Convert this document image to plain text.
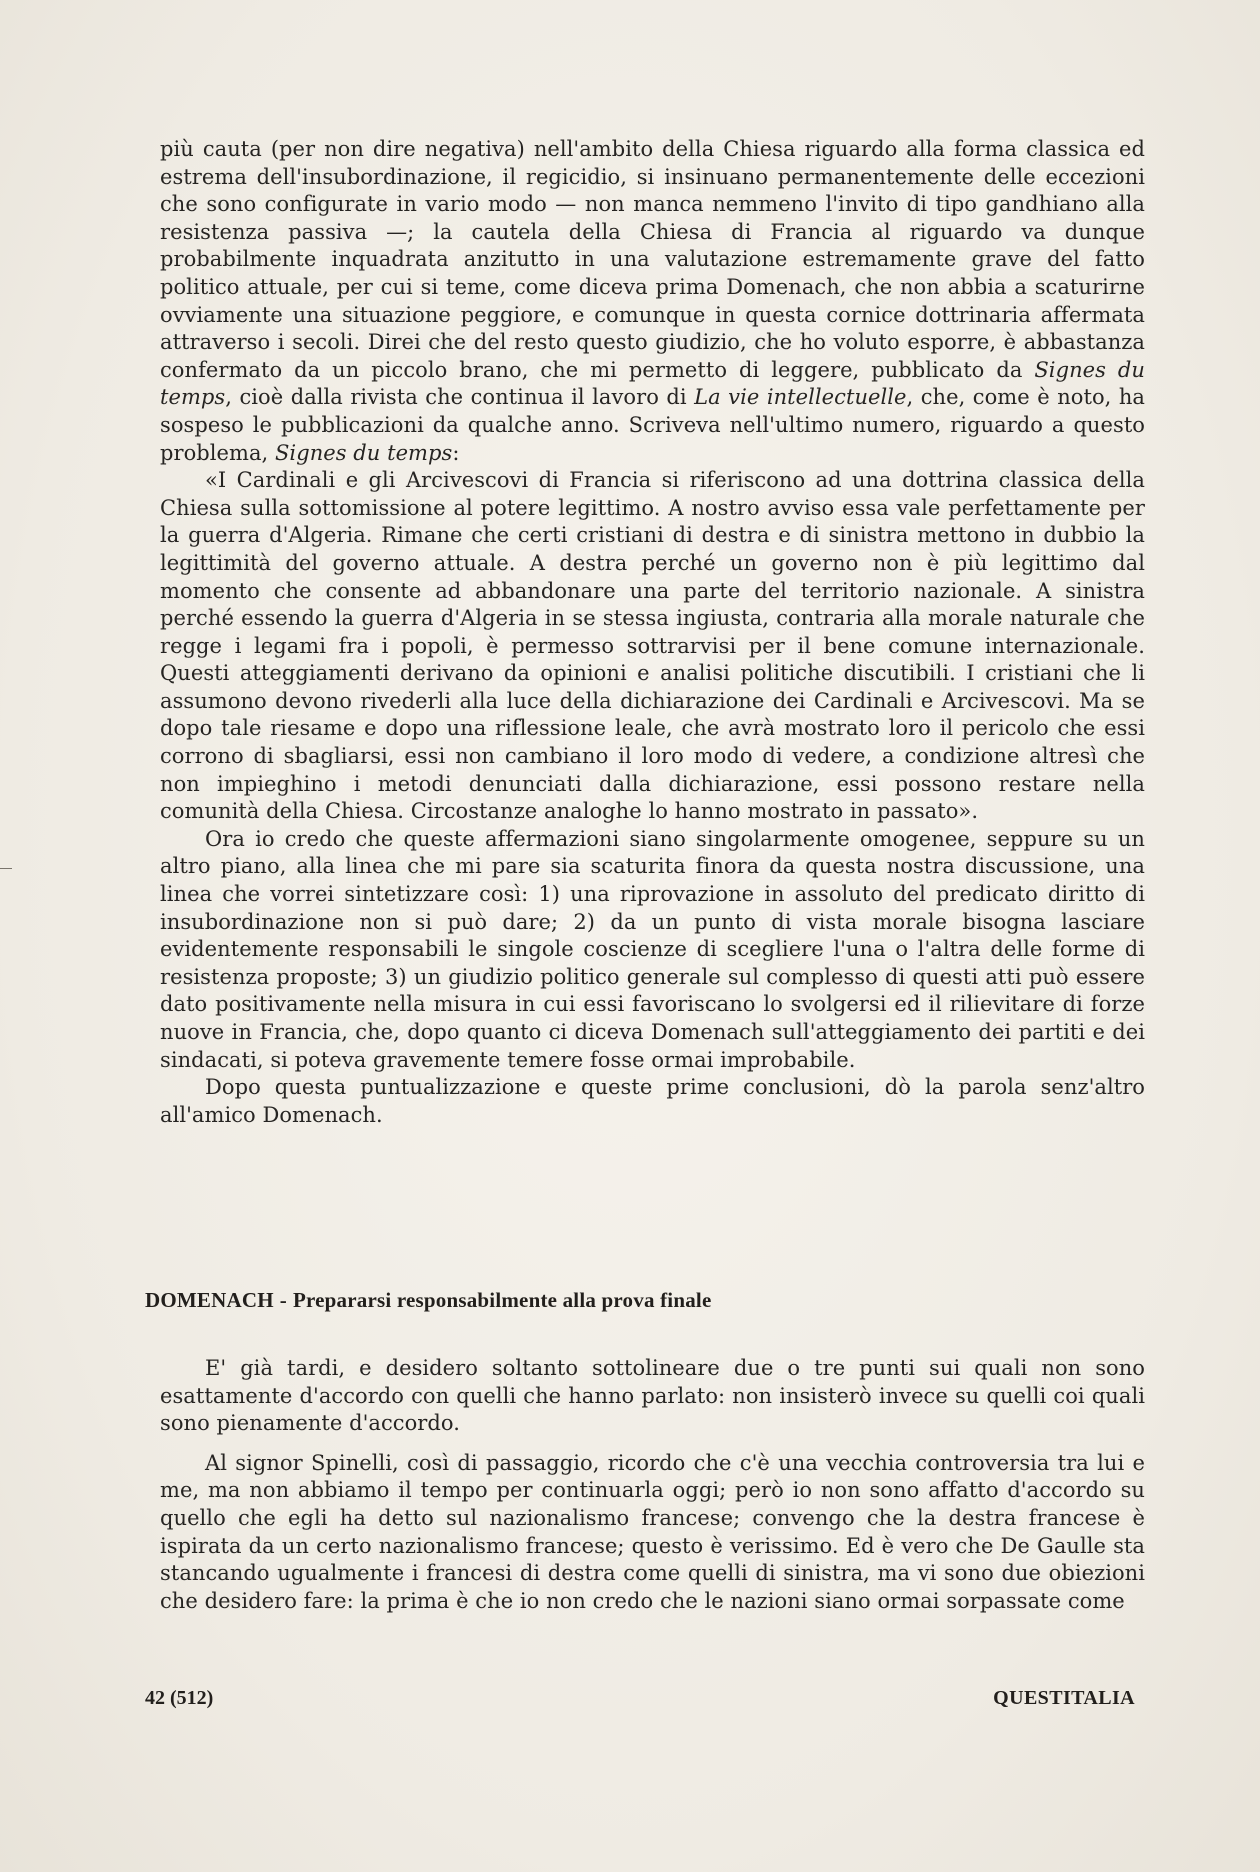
più cauta (per non dire negativa) nell'ambito della Chiesa riguardo alla forma classica ed estrema dell'insubordinazione, il regicidio, si insinuano permanentemente delle eccezioni che sono configurate in vario modo — non manca nemmeno l'invito di tipo gandhiano alla resistenza passiva —; la cautela della Chiesa di Francia al riguardo va dunque probabilmente inquadrata anzitutto in una valutazione estremamente grave del fatto politico attuale, per cui si teme, come diceva prima Domenach, che non abbia a scaturirne ovviamente una situazione peggiore, e comunque in questa cornice dottrinaria affermata attraverso i secoli. Direi che del resto questo giudizio, che ho voluto esporre, è abbastanza confermato da un piccolo brano, che mi permetto di leggere, pubblicato da Signes du temps, cioè dalla rivista che continua il lavoro di La vie intellectuelle, che, come è noto, ha sospeso le pubblicazioni da qualche anno. Scriveva nell'ultimo numero, riguardo a questo problema, Signes du temps:

«I Cardinali e gli Arcivescovi di Francia si riferiscono ad una dottrina classica della Chiesa sulla sottomissione al potere legittimo. A nostro avviso essa vale perfettamente per la guerra d'Algeria. Rimane che certi cristiani di destra e di sinistra mettono in dubbio la legittimità del governo attuale. A destra perché un governo non è più legittimo dal momento che consente ad abbandonare una parte del territorio nazionale. A sinistra perché essendo la guerra d'Algeria in se stessa ingiusta, contraria alla morale naturale che regge i legami fra i popoli, è permesso sottrarvisi per il bene comune internazionale. Questi atteggiamenti derivano da opinioni e analisi politiche discutibili. I cristiani che li assumono devono rivederli alla luce della dichiarazione dei Cardinali e Arcivescovi. Ma se dopo tale riesame e dopo una riflessione leale, che avrà mostrato loro il pericolo che essi corrono di sbagliarsi, essi non cambiano il loro modo di vedere, a condizione altresì che non impieghino i metodi denunciati dalla dichiarazione, essi possono restare nella comunità della Chiesa. Circostanze analoghe lo hanno mostrato in passato».

Ora io credo che queste affermazioni siano singolarmente omogenee, seppure su un altro piano, alla linea che mi pare sia scaturita finora da questa nostra discussione, una linea che vorrei sintetizzare così: 1) una riprovazione in assoluto del predicato diritto di insubordinazione non si può dare; 2) da un punto di vista morale bisogna lasciare evidentemente responsabili le singole coscienze di scegliere l'una o l'altra delle forme di resistenza proposte; 3) un giudizio politico generale sul complesso di questi atti può essere dato positivamente nella misura in cui essi favoriscano lo svolgersi ed il rilievitare di forze nuove in Francia, che, dopo quanto ci diceva Domenach sull'atteggiamento dei partiti e dei sindacati, si poteva gravemente temere fosse ormai improbabile.

Dopo questa puntualizzazione e queste prime conclusioni, dò la parola senz'altro all'amico Domenach.

DOMENACH - Prepararsi responsabilmente alla prova finale

E' già tardi, e desidero soltanto sottolineare due o tre punti sui quali non sono esattamente d'accordo con quelli che hanno parlato: non insisterò invece su quelli coi quali sono pienamente d'accordo.

Al signor Spinelli, così di passaggio, ricordo che c'è una vecchia controversia tra lui e me, ma non abbiamo il tempo per continuarla oggi; però io non sono affatto d'accordo su quello che egli ha detto sul nazionalismo francese; convengo che la destra francese è ispirata da un certo nazionalismo francese; questo è verissimo. Ed è vero che De Gaulle sta stancando ugualmente i francesi di destra come quelli di sinistra, ma vi sono due obiezioni che desidero fare: la prima è che io non credo che le nazioni siano ormai sorpassate come

42 (512)	QUESTITALIA
